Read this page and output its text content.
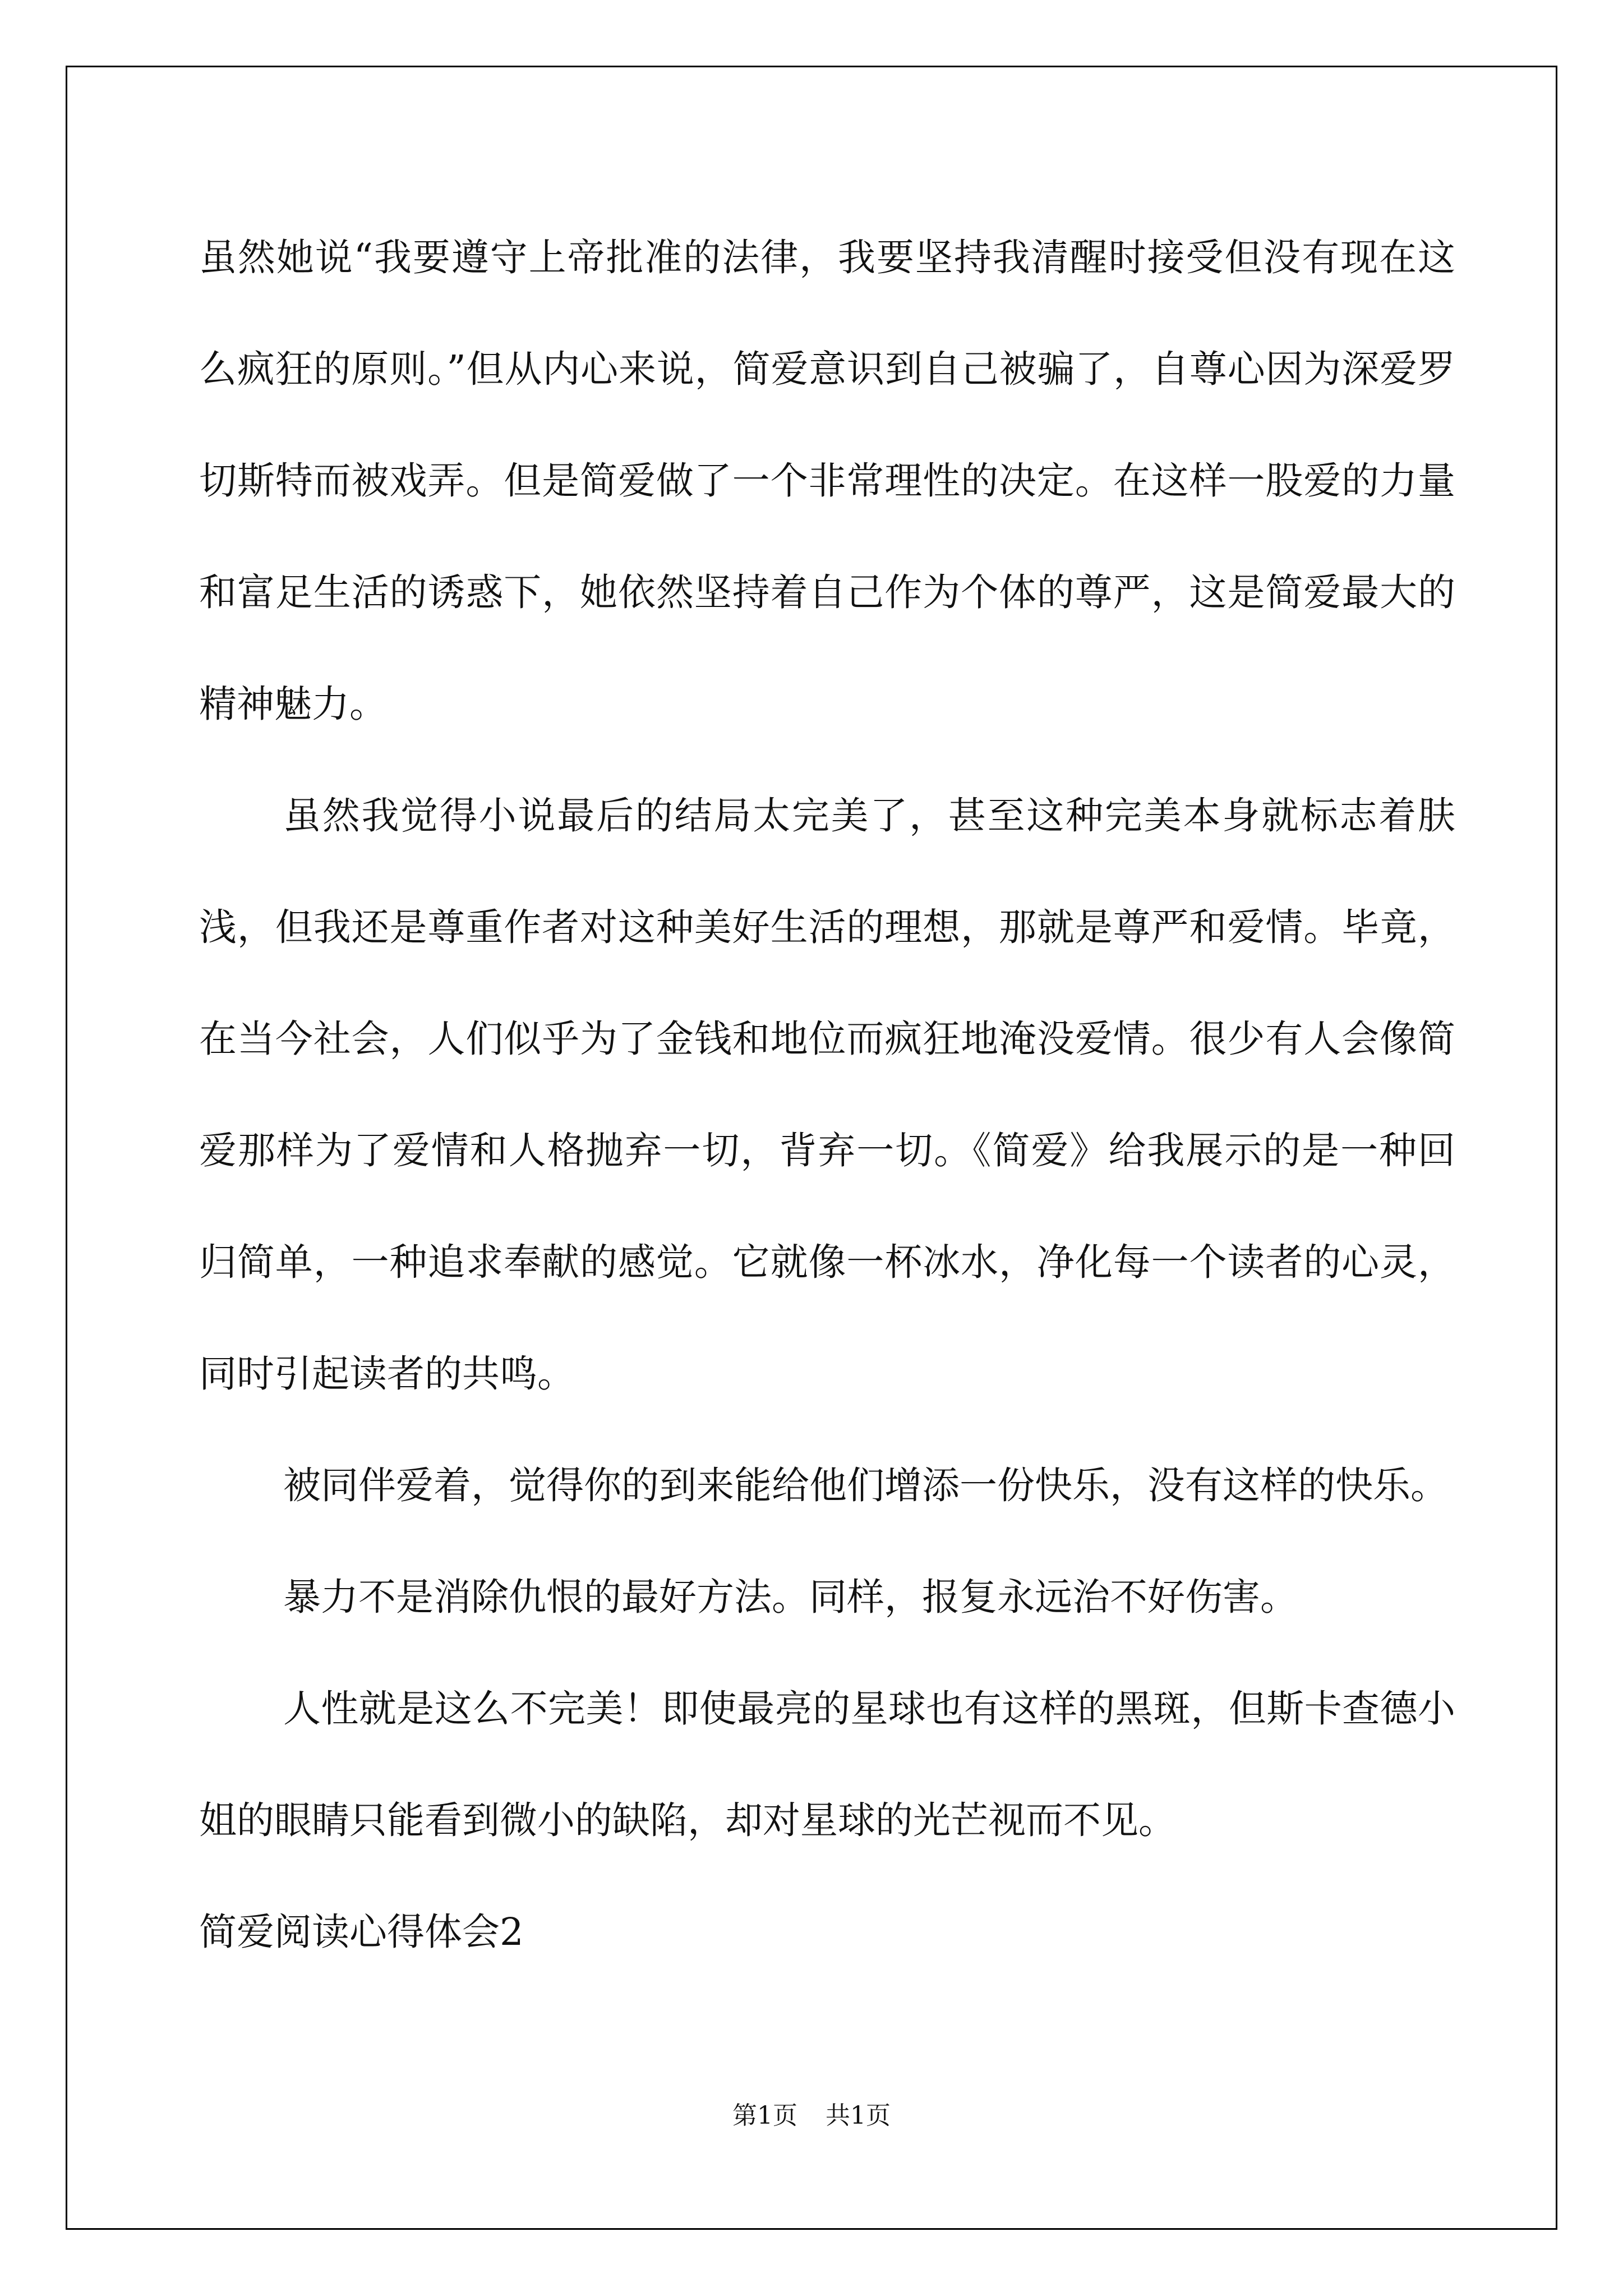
虽然她说“我要遵守上帝批准的法律，我要坚持我清醒时接受但没有现在这么疯狂的原则。”但从内心来说，简爱意识到自己被骗了，自尊心因为深爱罗切斯特而被戏弄。但是简爱做了一个非常理性的决定。在这样一股爱的力量和富足生活的诱惑下，她依然坚持着自己作为个体的尊严，这是简爱最大的精神魅力。

虽然我觉得小说最后的结局太完美了，甚至这种完美本身就标志着肤浅，但我还是尊重作者对这种美好生活的理想，那就是尊严和爱情。毕竟，在当今社会，人们似乎为了金钱和地位而疯狂地淹没爱情。很少有人会像简爱那样为了爱情和人格抛弃一切，背弃一切。《简爱》给我展示的是一种回归简单，一种追求奉献的感觉。它就像一杯冰水，净化每一个读者的心灵，同时引起读者的共鸣。

被同伴爱着，觉得你的到来能给他们增添一份快乐，没有这样的快乐。

暴力不是消除仇恨的最好方法。同样，报复永远治不好伤害。

人性就是这么不完美！即使最亮的星球也有这样的黑斑，但斯卡查德小姐的眼睛只能看到微小的缺陷，却对星球的光芒视而不见。

简爱阅读心得体会2

第1页 共1页
